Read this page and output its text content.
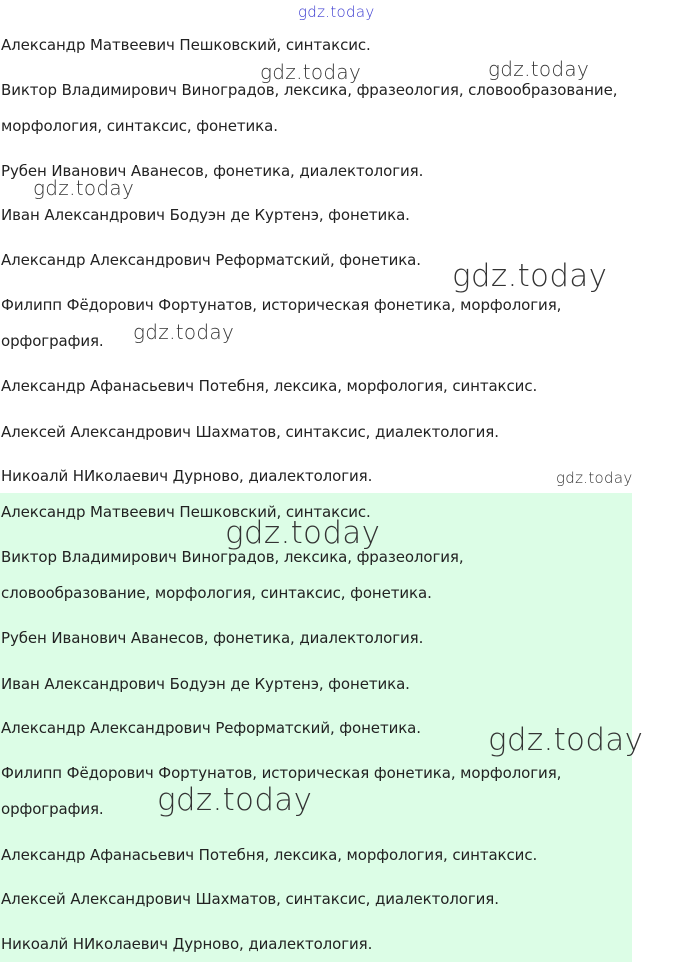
gdz.today
gdz.today	gdz.today
gdz.today
gdz.today
gdz.today
gdz.today
Александр Матвеевич Пешковский, синтаксис.
Виктор Владимирович Виноградов, лексика, фразеология, словообразование,
морфология, синтаксис, фонетика.
Рубен Иванович Аванесов, фонетика, диалектология.
Иван Александрович Бодуэн де Куртенэ, фонетика.
Александр Александрович Реформатский, фонетика.
Филипп Фёдорович Фортунатов, историческая фонетика, морфология,
орфография.
Александр Афанасьевич Потебня, лексика, морфология, синтаксис.
Алексей Александрович Шахматов, синтаксис, диалектология.
Никоалй НИколаевич Дурново, диалектология.
Александр Матвеевич Пешковский, синтаксис.
Виктор Владимирович Виноградов, лексика, фразеология,
словообразование, морфология, синтаксис, фонетика.
Рубен Иванович Аванесов, фонетика, диалектология.
Иван Александрович Бодуэн де Куртенэ, фонетика.
Александр Александрович Реформатский, фонетика.
Филипп Фёдорович Фортунатов, историческая фонетика, морфология,
орфография.
Александр Афанасьевич Потебня, лексика, морфология, синтаксис.
Алексей Александрович Шахматов, синтаксис, диалектология.
Никоалй НИколаевич Дурново, диалектология.
gdz.today
gdz.today
gdz.today
